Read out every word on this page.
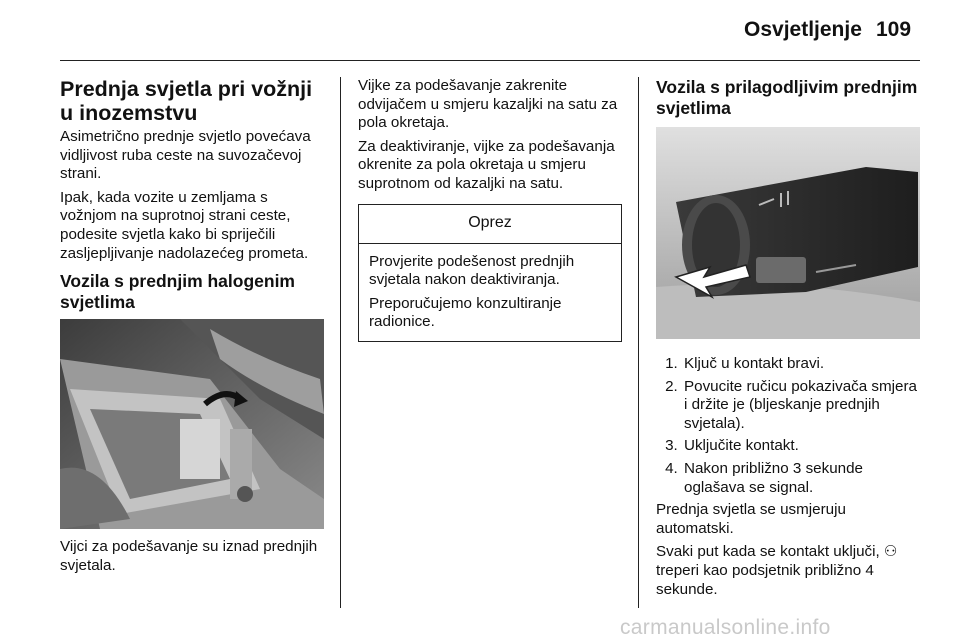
Osvjetljenje 109
Prednja svjetla pri vožnji u inozemstvu

Asimetrično prednje svjetlo povećava vidljivost ruba ceste na suvozačevoj strani.

Ipak, kada vozite u zemljama s vožnjom na suprotnoj strani ceste, podesite svjetla kako bi spriječili zasljepljivanje nadolazećeg prometa.

Vozila s prednjim halogenim svjetlima

Vijci za podešavanje su iznad prednjih svjetala.

Vijke za podešavanje zakrenite odvijačem u smjeru kazaljki na satu za pola okretaja.

Za deaktiviranje, vijke za podešavanja okrenite za pola okretaja u smjeru suprotnom od kazaljki na satu.

Oprez

Provjerite podešenost prednjih svjetala nakon deaktiviranja.

Preporučujemo konzultiranje radionice.

Vozila s prilagodljivim prednjim svjetlima
1. Ključ u kontakt bravi.
2. Povucite ručicu pokazivača smjera i držite je (bljeskanje prednjih svjetala).
3. Uključite kontakt.
4. Nakon približno 3 sekunde oglašava se signal.

Prednja svjetla se usmjeruju automatski.

Svaki put kada se kontakt uključi, ⚇ treperi kao podsjetnik približno 4 sekunde.

carmanualsonline.info
